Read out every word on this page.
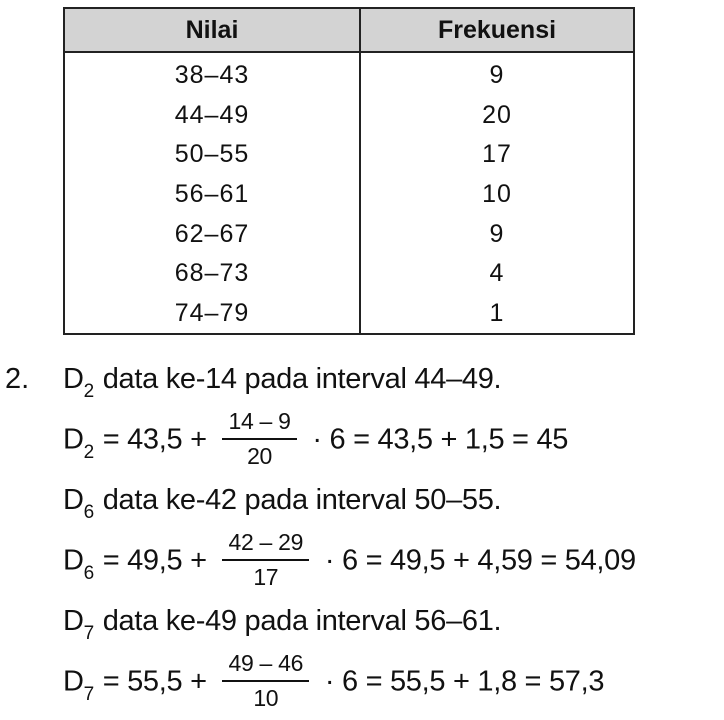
Nilai	Frekuensi
38–43	9
44–49	20
50–55	17
56–61	10
62–67	9
68–73	4
74–79	1
2. $D_2$ data ke-14 pada interval 44–49.
$D_2 = 43,5 + \frac{14 - 9}{20} \cdot 6 = 43,5 + 1,5 = 45$
$D_6$ data ke-42 pada interval 50–55.
$D_6 = 49,5 + \frac{42 - 29}{17} \cdot 6 = 49,5 + 4,59 = 54,09$
$D_7$ data ke-49 pada interval 56–61.
$D_7 = 55,5 + \frac{49 - 46}{10} \cdot 6 = 55,5 + 1,8 = 57,3$
